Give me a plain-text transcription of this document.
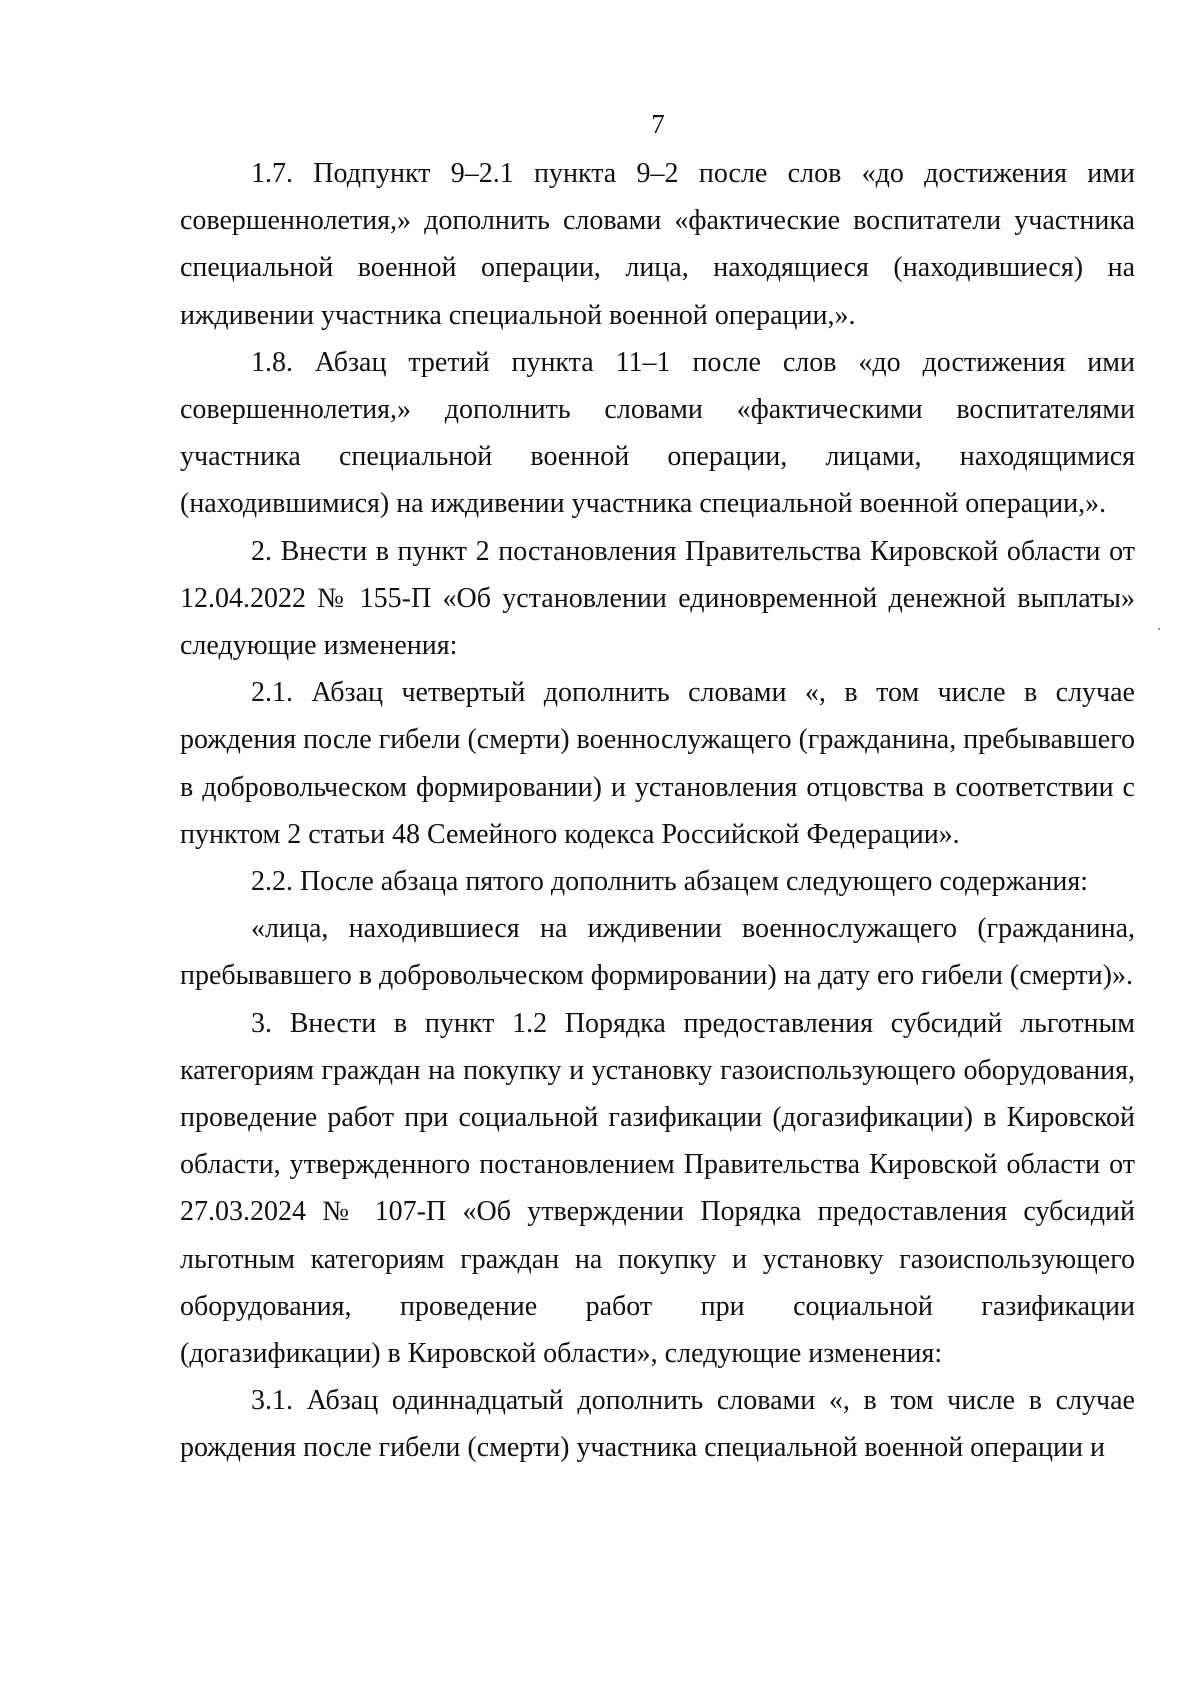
7

1.7. Подпункт 9–2.1 пункта 9–2 после слов «до достижения ими совершеннолетия,» дополнить словами «фактические воспитатели участника специальной военной операции, лица, находящиеся (находившиеся) на иждивении участника специальной военной операции,».

1.8. Абзац третий пункта 11–1 после слов «до достижения ими совершеннолетия,» дополнить словами «фактическими воспитателями участника специальной военной операции, лицами, находящимися (находившимися) на иждивении участника специальной военной операции,».

2. Внести в пункт 2 постановления Правительства Кировской области от 12.04.2022 № 155-П «Об установлении единовременной денежной выплаты» следующие изменения:

2.1. Абзац четвертый дополнить словами «, в том числе в случае рождения после гибели (смерти) военнослужащего (гражданина, пребывавшего в добровольческом формировании) и установления отцовства в соответствии с пунктом 2 статьи 48 Семейного кодекса Российской Федерации».

2.2. После абзаца пятого дополнить абзацем следующего содержания:

«лица, находившиеся на иждивении военнослужащего (гражданина, пребывавшего в добровольческом формировании) на дату его гибели (смерти)».

3. Внести в пункт 1.2 Порядка предоставления субсидий льготным категориям граждан на покупку и установку газоиспользующего оборудования, проведение работ при социальной газификации (догазификации) в Кировской области, утвержденного постановлением Правительства Кировской области от 27.03.2024 № 107-П «Об утверждении Порядка предоставления субсидий льготным категориям граждан на покупку и установку газоиспользующего оборудования, проведение работ при социальной газификации (догазификации) в Кировской области», следующие изменения:

3.1. Абзац одиннадцатый дополнить словами «, в том числе в случае рождения после гибели (смерти) участника специальной военной операции и
